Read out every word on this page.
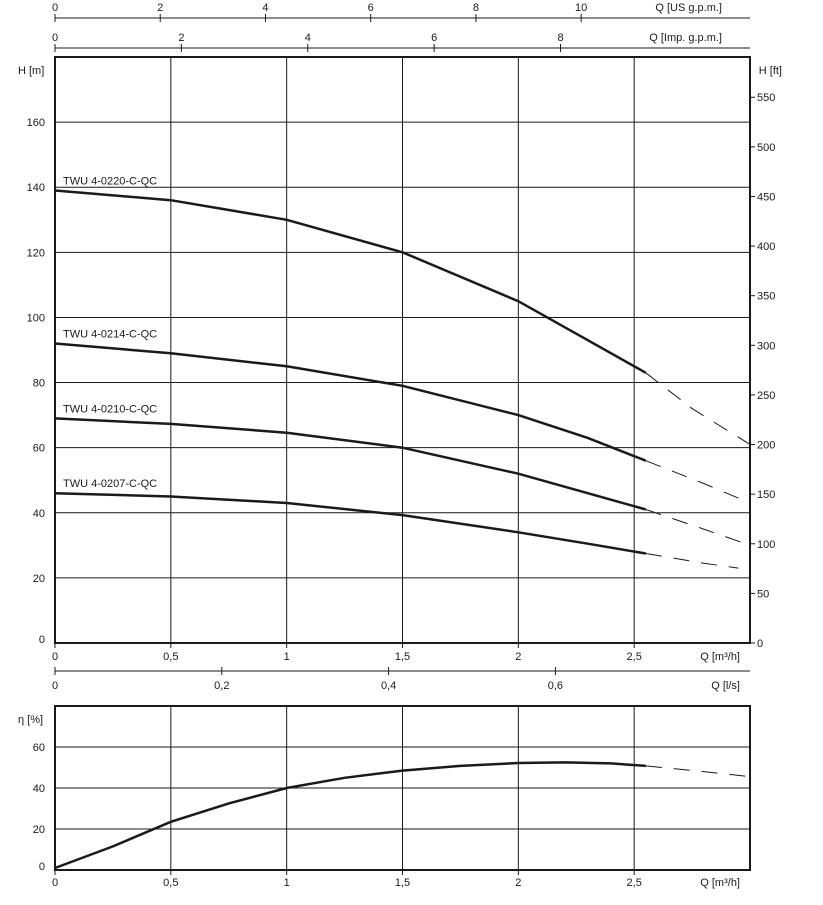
0	2	4	6	8	10	Q [US g.p.m.]
0	2	4	6	8	Q [Imp. g.p.m.]
0	0,5	1	1,5	2	2,5	Q [m³/h]
0
20
40
60
80
100
120
140
160
H [m]	H [ft]
0
50
100
150
200
250
300
350
400
450
500
550
TWU 4-0220-C-QC
TWU 4-0214-C-QC
TWU 4-0210-C-QC
TWU 4-0207-C-QC
0	0,2	0,4	0,6	Q [l/s]
0	0,5	1	1,5	2	2,5	Q [m³/h]
0
20
40
60
η [%]
